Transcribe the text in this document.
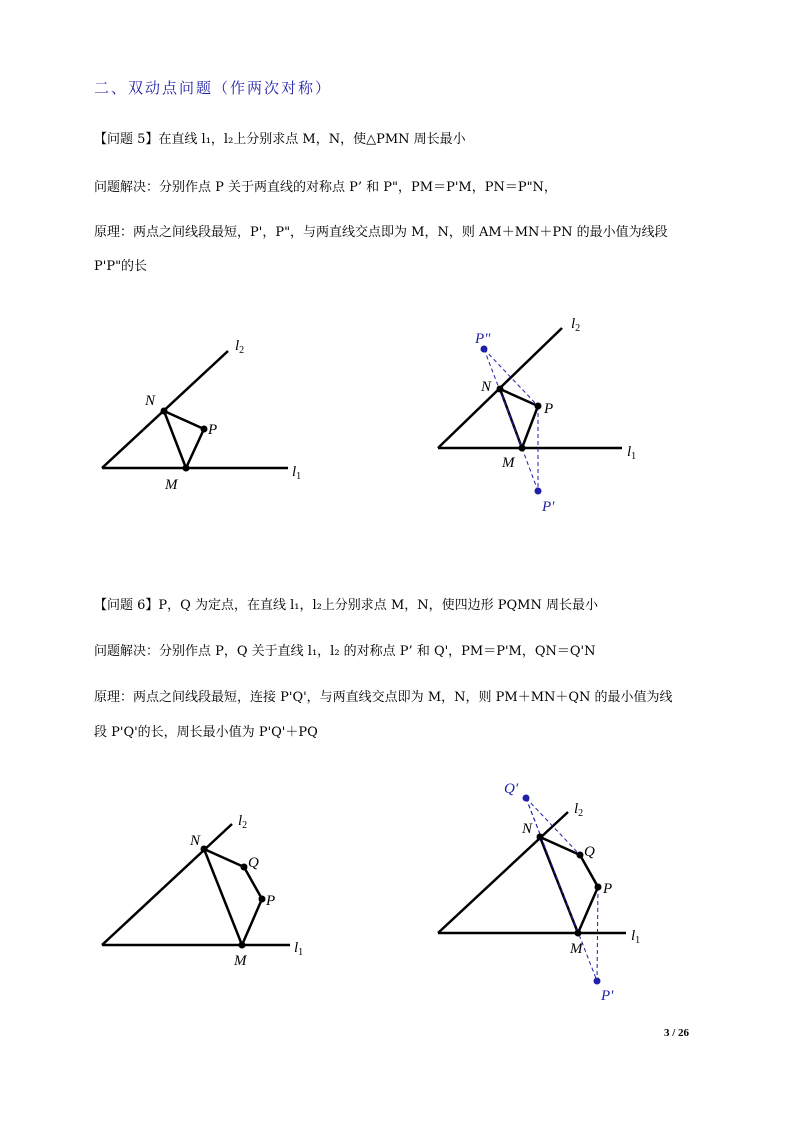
二、双动点问题（作两次对称）
【问题 5】在直线 l₁，l₂上分别求点 M，N，使△PMN 周长最小
问题解决：分别作点 P 关于两直线的对称点 P’ 和 P"，PM＝P'M，PN＝P"N，
原理：两点之间线段最短，P'，P"，与两直线交点即为 M，N，则 AM＋MN＋PN 的最小值为线段
P'P"的长
【问题 6】P，Q 为定点，在直线 l₁，l₂上分别求点 M，N，使四边形 PQMN 周长最小
问题解决：分别作点 P，Q 关于直线 l₁，l₂ 的对称点 P’ 和 Q'，PM＝P'M，QN＝Q'N
原理：两点之间线段最短，连接 P'Q'，与两直线交点即为 M，N，则 PM＋MN＋QN 的最小值为线
段 P'Q'的长，周长最小值为 P'Q'＋PQ
N
M
P
$l_1$
$l_2$
N
M
P
P"
P'
$l_1$
$l_2$
N
M
P
Q
$l_1$
$l_2$	N
M
P
Q
Q'
P'
$l_1$
$l_2$
3 / 26
